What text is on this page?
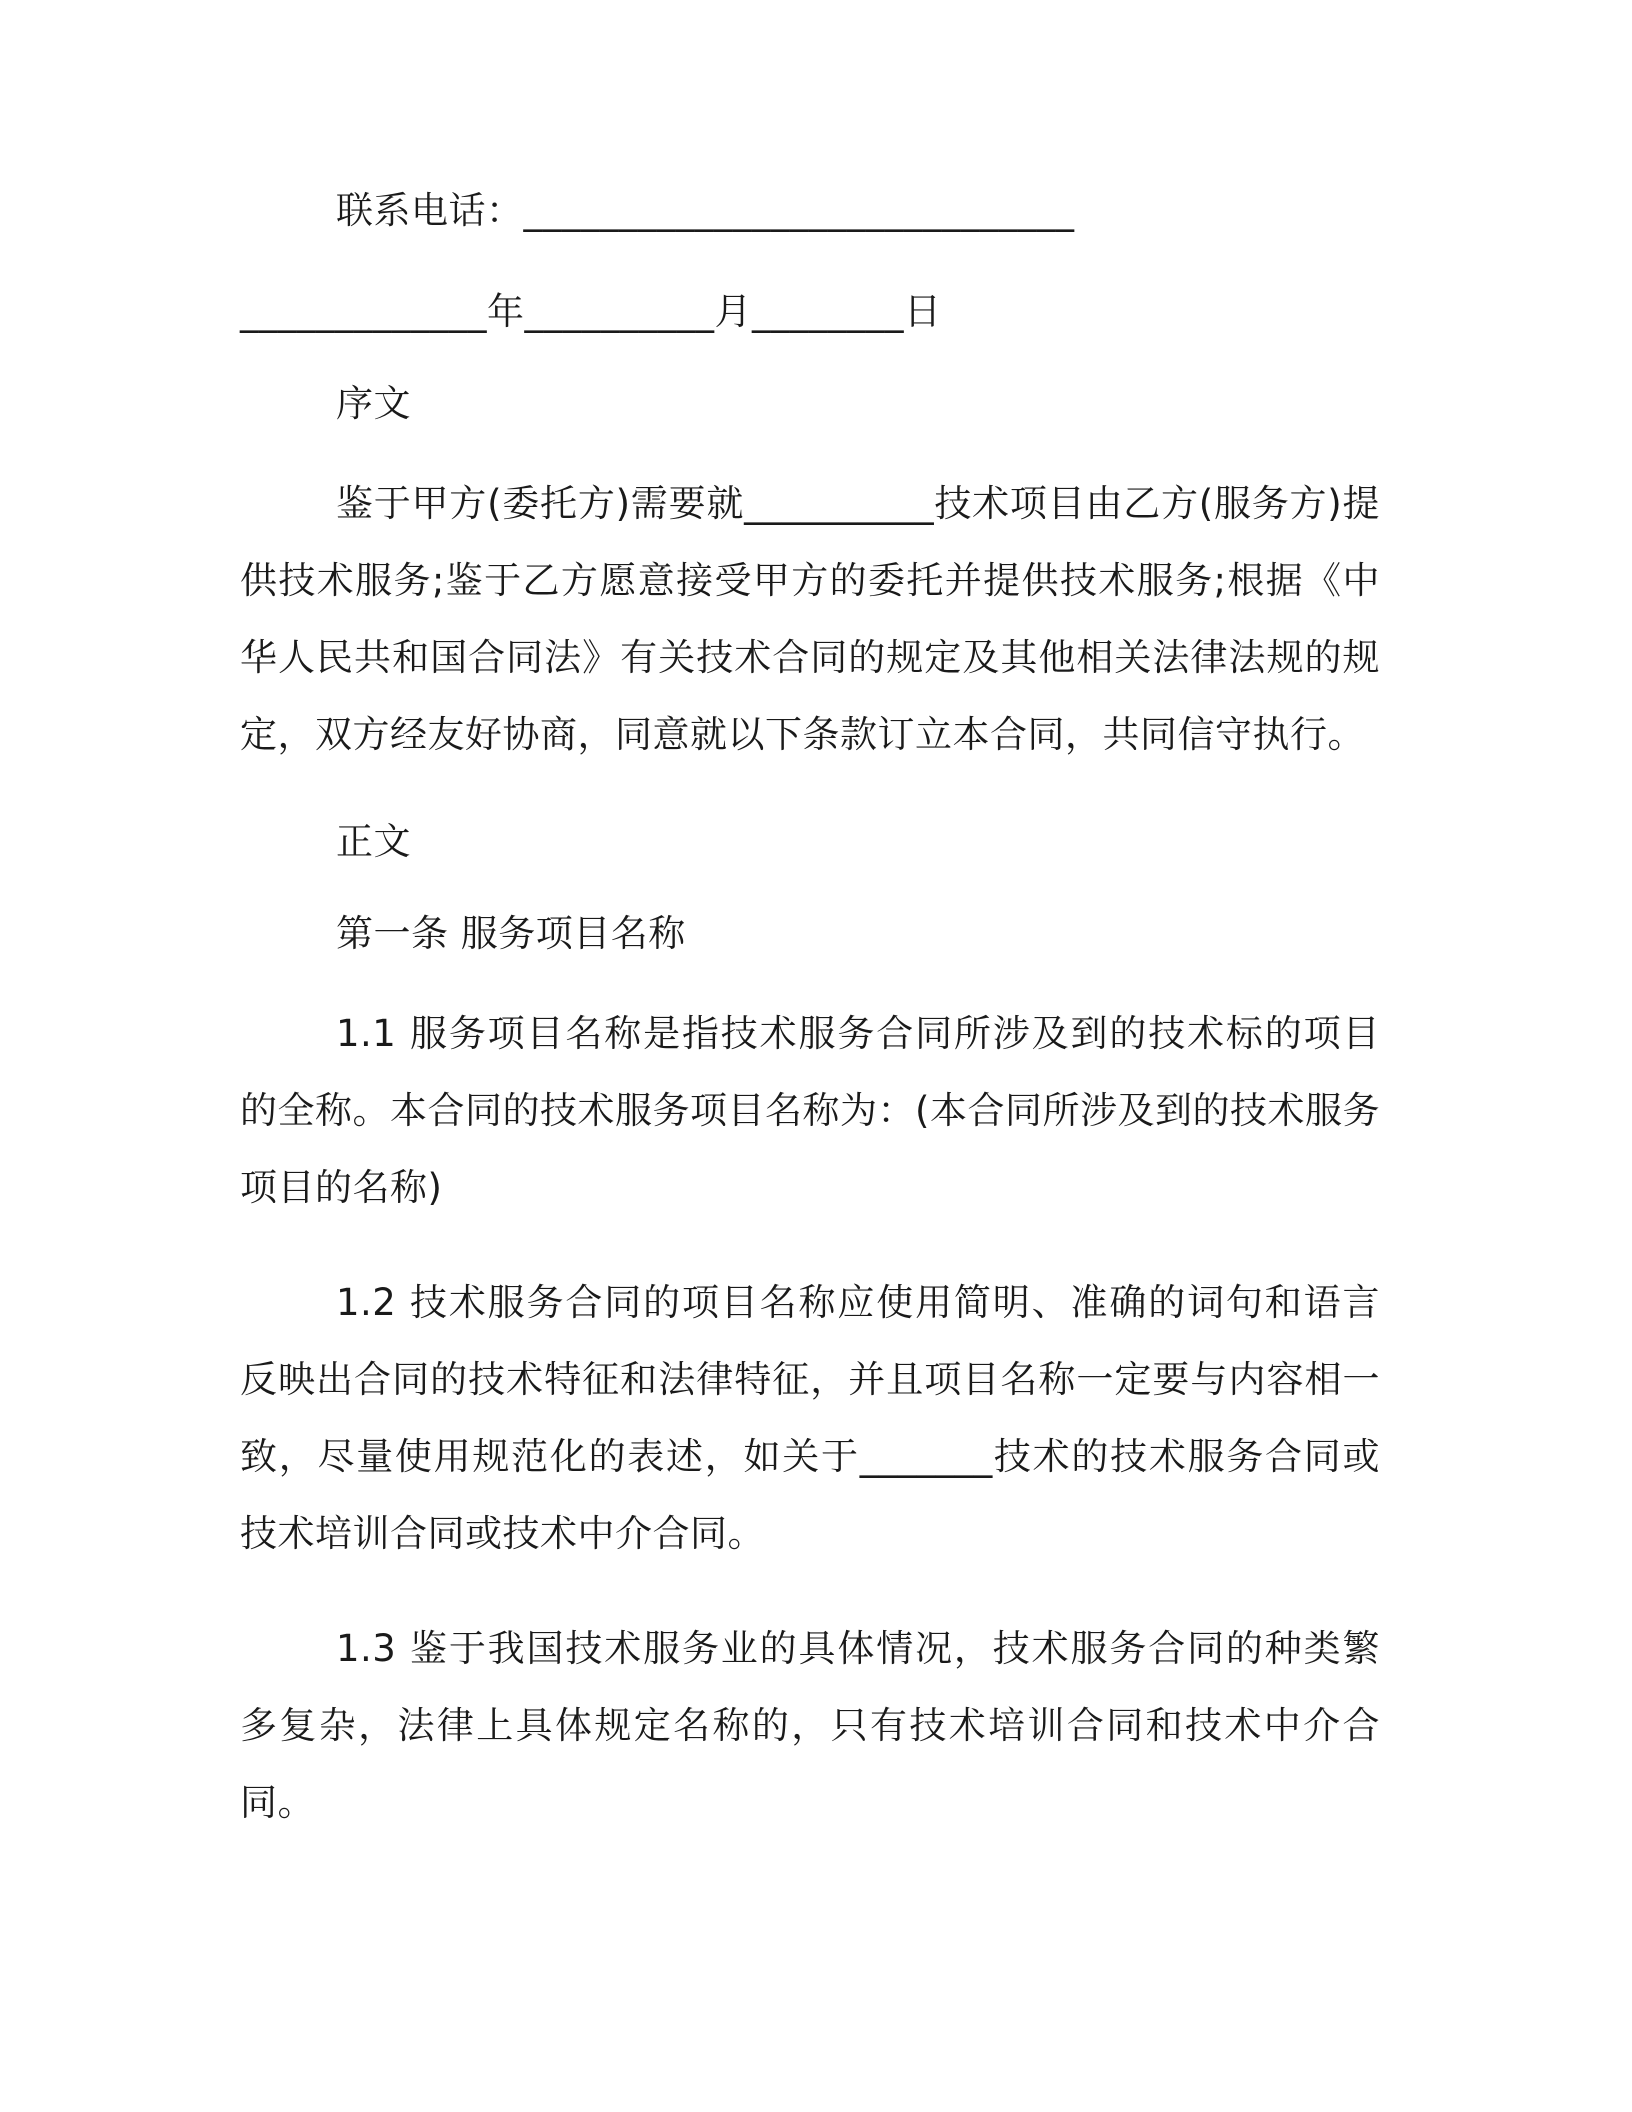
联系电话：_____________________________

_____________年__________月________日

序文

鉴于甲方(委托方)需要就__________技术项目由乙方(服务方)提供技术服务;鉴于乙方愿意接受甲方的委托并提供技术服务;根据《中华人民共和国合同法》有关技术合同的规定及其他相关法律法规的规定，双方经友好协商，同意就以下条款订立本合同，共同信守执行。

正文

第一条 服务项目名称

1.1 服务项目名称是指技术服务合同所涉及到的技术标的项目的全称。本合同的技术服务项目名称为：(本合同所涉及到的技术服务项目的名称)

1.2 技术服务合同的项目名称应使用简明、准确的词句和语言反映出合同的技术特征和法律特征，并且项目名称一定要与内容相一致，尽量使用规范化的表述，如关于_______技术的技术服务合同或技术培训合同或技术中介合同。

1.3 鉴于我国技术服务业的具体情况，技术服务合同的种类繁多复杂，法律上具体规定名称的，只有技术培训合同和技术中介合同。
